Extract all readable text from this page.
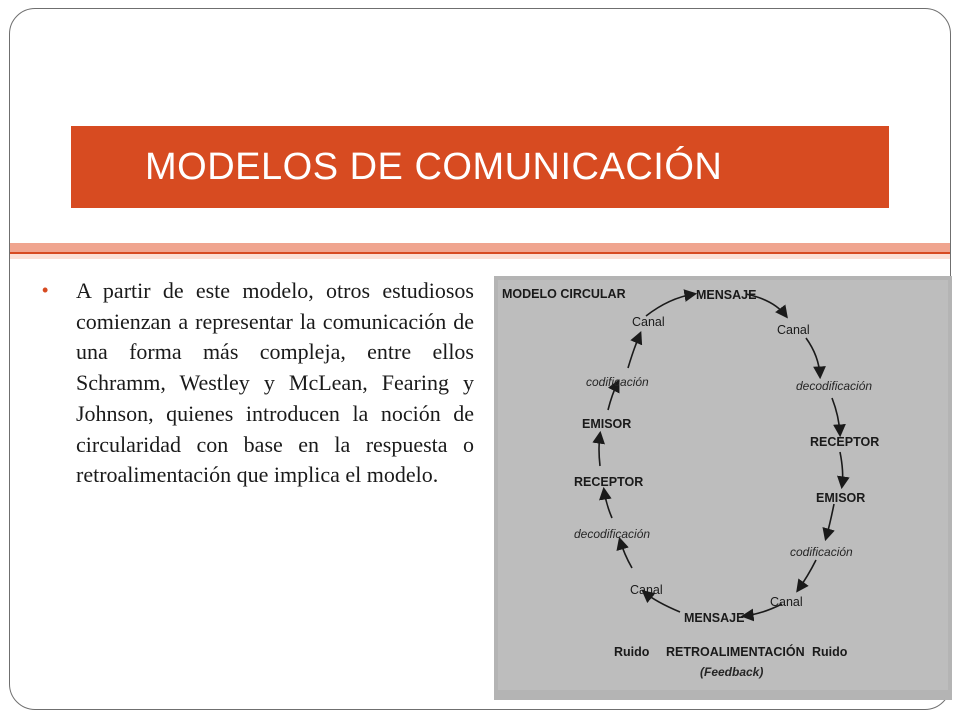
MODELOS DE COMUNICACIÓN
• A partir de este modelo, otros estudiosos comienzan a representar la comunicación de una forma más compleja, entre ellos Schramm, Westley y McLean, Fearing y Johnson, quienes introducen la noción de circularidad con base en la respuesta o retroalimentación que implica el modelo.
MODELO CIRCULAR	MENSAJE
Canal
Canal
codificación	decodificación
EMISOR
RECEPTOR
RECEPTOR
EMISOR
decodificación
codificación
Canal
Canal
MENSAJE
Ruido RETROALIMENTACIÓN Ruido
(Feedback)
